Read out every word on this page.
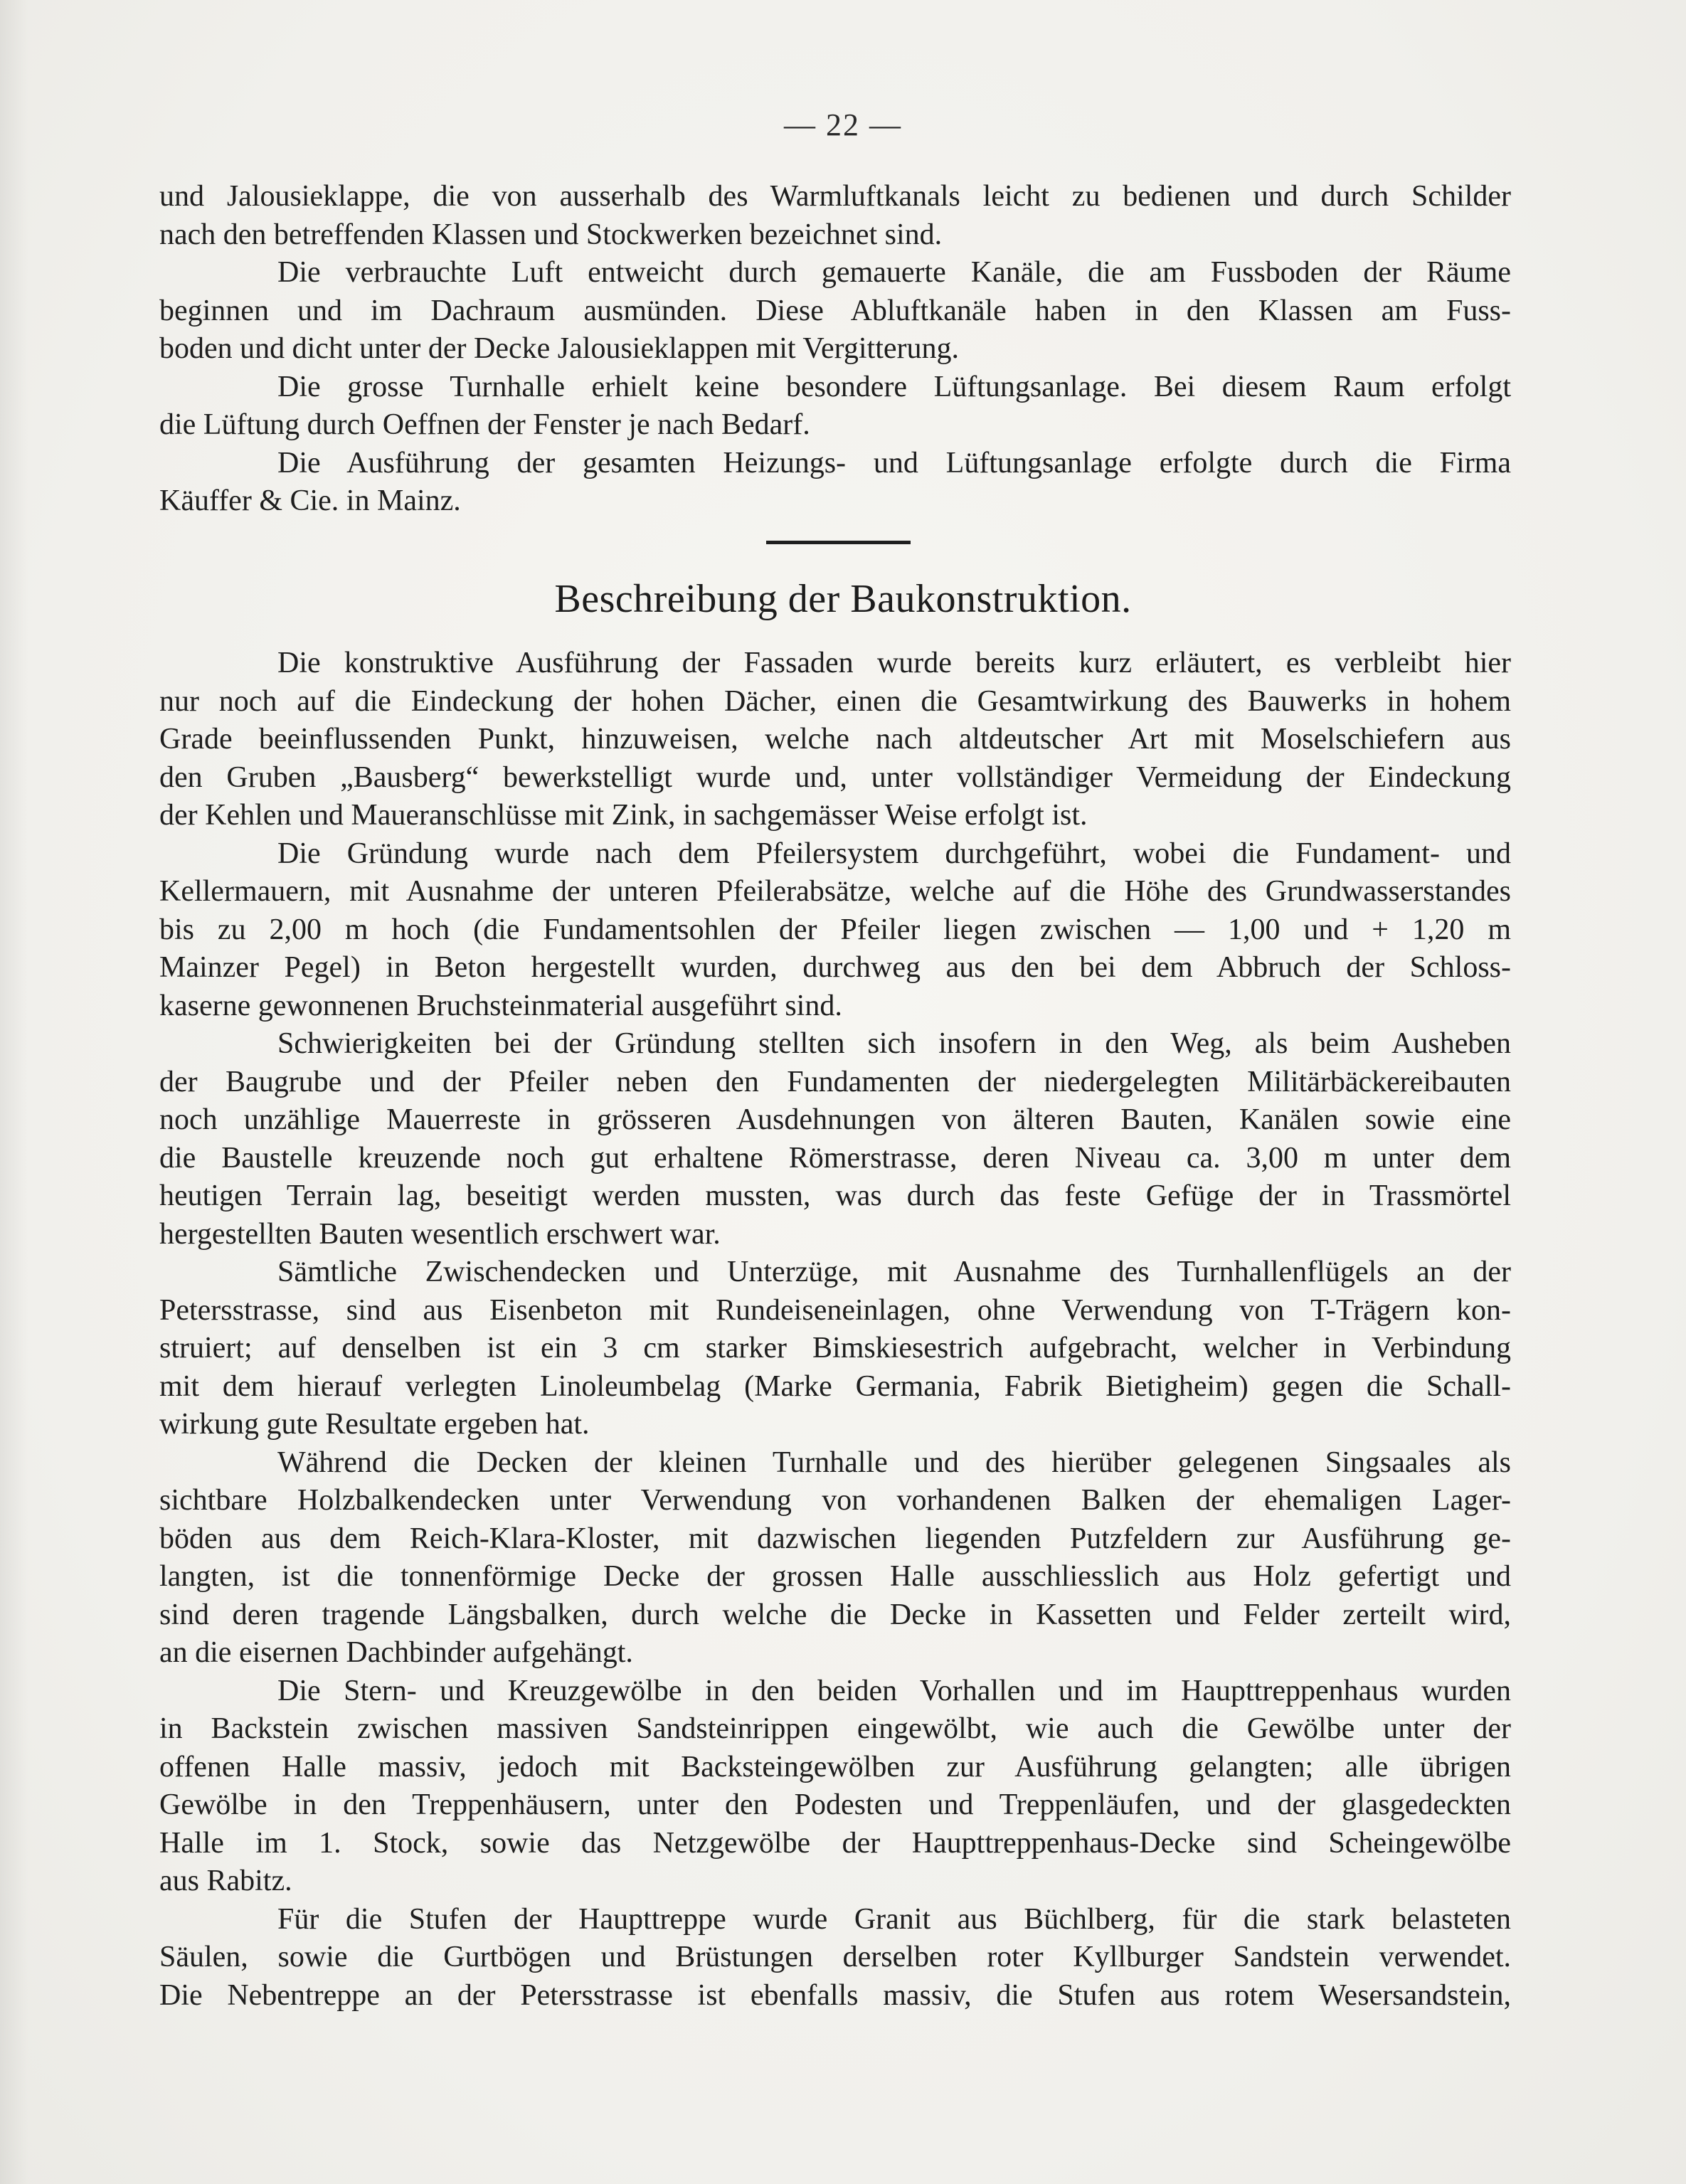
— 22 —
und Jalousieklappe, die von ausserhalb des Warmluftkanals leicht zu bedienen und durch Schilder
nach den betreffenden Klassen und Stockwerken bezeichnet sind.
Die verbrauchte Luft entweicht durch gemauerte Kanäle, die am Fussboden der Räume
beginnen und im Dachraum ausmünden. Diese Abluftkanäle haben in den Klassen am Fuss-
boden und dicht unter der Decke Jalousieklappen mit Vergitterung.
Die grosse Turnhalle erhielt keine besondere Lüftungsanlage. Bei diesem Raum erfolgt
die Lüftung durch Oeffnen der Fenster je nach Bedarf.
Die Ausführung der gesamten Heizungs- und Lüftungsanlage erfolgte durch die Firma
Käuffer & Cie. in Mainz.
Beschreibung der Baukonstruktion.
Die konstruktive Ausführung der Fassaden wurde bereits kurz erläutert, es verbleibt hier
nur noch auf die Eindeckung der hohen Dächer, einen die Gesamtwirkung des Bauwerks in hohem
Grade beeinflussenden Punkt, hinzuweisen, welche nach altdeutscher Art mit Moselschiefern aus
den Gruben „Bausberg“ bewerkstelligt wurde und, unter vollständiger Vermeidung der Eindeckung
der Kehlen und Maueranschlüsse mit Zink, in sachgemässer Weise erfolgt ist.
Die Gründung wurde nach dem Pfeilersystem durchgeführt, wobei die Fundament- und
Kellermauern, mit Ausnahme der unteren Pfeilerabsätze, welche auf die Höhe des Grundwasserstandes
bis zu 2,00 m hoch (die Fundamentsohlen der Pfeiler liegen zwischen — 1,00 und + 1,20 m
Mainzer Pegel) in Beton hergestellt wurden, durchweg aus den bei dem Abbruch der Schloss-
kaserne gewonnenen Bruchsteinmaterial ausgeführt sind.
Schwierigkeiten bei der Gründung stellten sich insofern in den Weg, als beim Ausheben
der Baugrube und der Pfeiler neben den Fundamenten der niedergelegten Militärbäckereibauten
noch unzählige Mauerreste in grösseren Ausdehnungen von älteren Bauten, Kanälen sowie eine
die Baustelle kreuzende noch gut erhaltene Römerstrasse, deren Niveau ca. 3,00 m unter dem
heutigen Terrain lag, beseitigt werden mussten, was durch das feste Gefüge der in Trassmörtel
hergestellten Bauten wesentlich erschwert war.
Sämtliche Zwischendecken und Unterzüge, mit Ausnahme des Turnhallenflügels an der
Petersstrasse, sind aus Eisenbeton mit Rundeiseneinlagen, ohne Verwendung von T-Trägern kon-
struiert; auf denselben ist ein 3 cm starker Bimskiesestrich aufgebracht, welcher in Verbindung
mit dem hierauf verlegten Linoleumbelag (Marke Germania, Fabrik Bietigheim) gegen die Schall-
wirkung gute Resultate ergeben hat.
Während die Decken der kleinen Turnhalle und des hierüber gelegenen Singsaales als
sichtbare Holzbalkendecken unter Verwendung von vorhandenen Balken der ehemaligen Lager-
böden aus dem Reich-Klara-Kloster, mit dazwischen liegenden Putzfeldern zur Ausführung ge-
langten, ist die tonnenförmige Decke der grossen Halle ausschliesslich aus Holz gefertigt und
sind deren tragende Längsbalken, durch welche die Decke in Kassetten und Felder zerteilt wird,
an die eisernen Dachbinder aufgehängt.
Die Stern- und Kreuzgewölbe in den beiden Vorhallen und im Haupttreppenhaus wurden
in Backstein zwischen massiven Sandsteinrippen eingewölbt, wie auch die Gewölbe unter der
offenen Halle massiv, jedoch mit Backsteingewölben zur Ausführung gelangten; alle übrigen
Gewölbe in den Treppenhäusern, unter den Podesten und Treppenläufen, und der glasgedeckten
Halle im 1. Stock, sowie das Netzgewölbe der Haupttreppenhaus-Decke sind Scheingewölbe
aus Rabitz.
Für die Stufen der Haupttreppe wurde Granit aus Büchlberg, für die stark belasteten
Säulen, sowie die Gurtbögen und Brüstungen derselben roter Kyllburger Sandstein verwendet.
Die Nebentreppe an der Petersstrasse ist ebenfalls massiv, die Stufen aus rotem Wesersandstein,
